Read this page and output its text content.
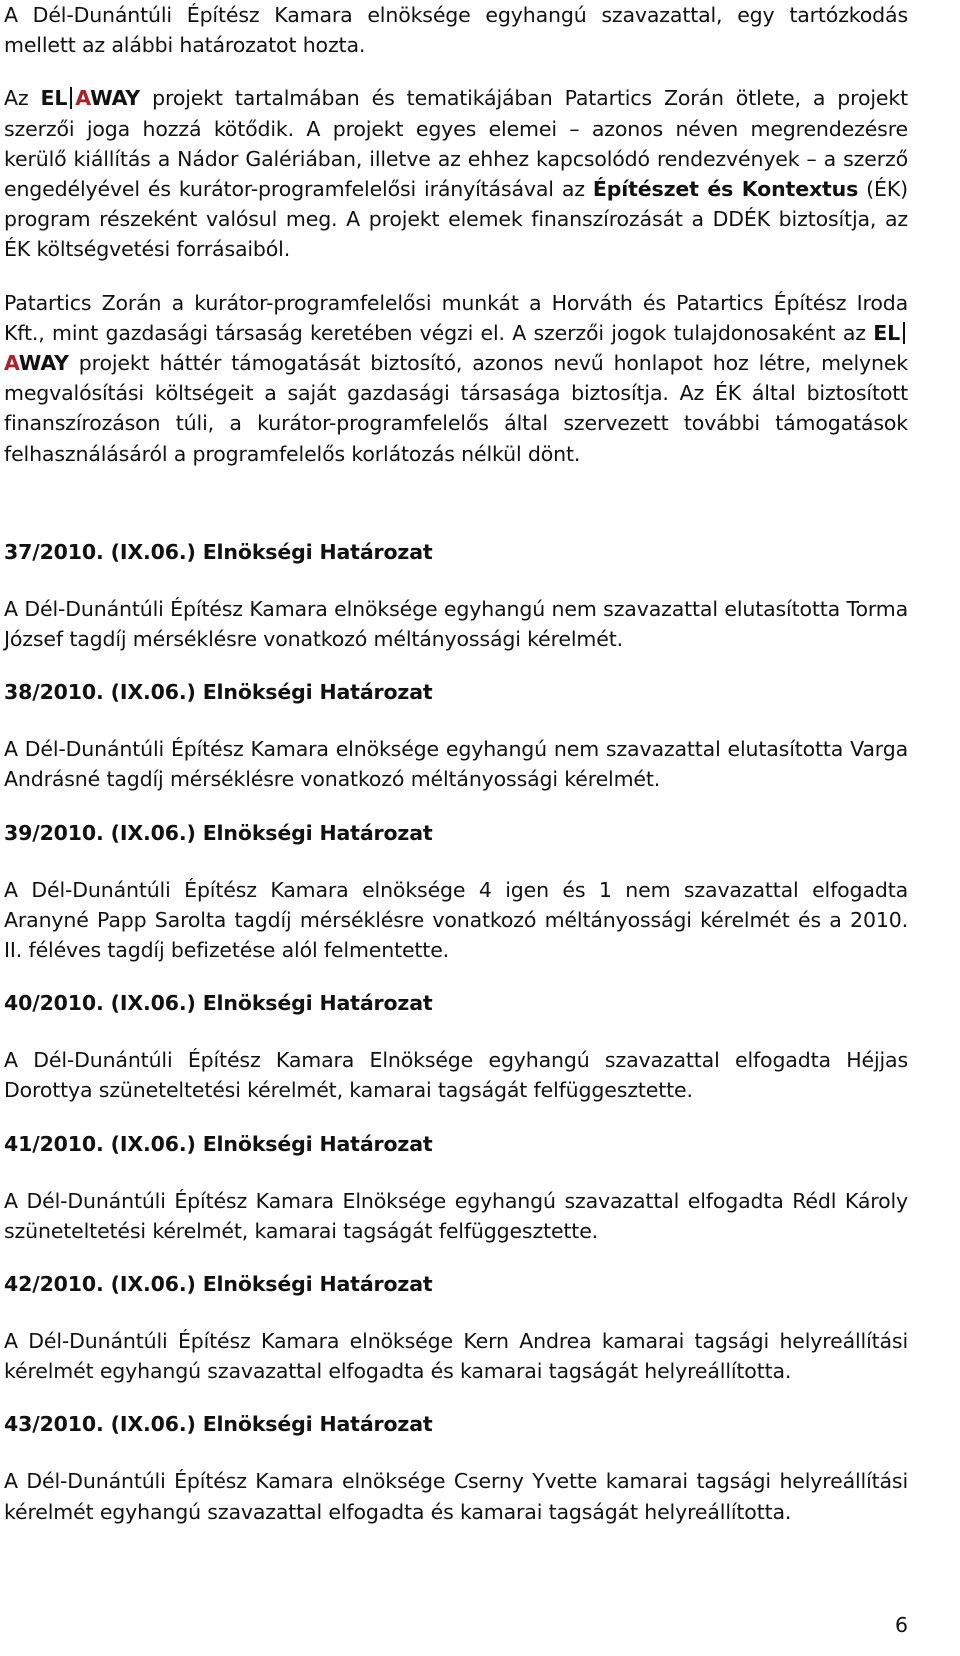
A Dél-Dunántúli Építész Kamara elnöksége egyhangú szavazattal, egy tartózkodás mellett az alábbi határozatot hozta.

Az EL AWAY projekt tartalmában és tematikájában Patartics Zorán ötlete, a projekt szerzői joga hozzá kötődik. A projekt egyes elemei – azonos néven megrendezésre kerülő kiállítás a Nádor Galériában, illetve az ehhez kapcsolódó rendezvények – a szerző engedélyével és kurátor-programfelelősi irányításával az Építészet és Kontextus (ÉK) program részeként valósul meg. A projekt elemek finanszírozását a DDÉK biztosítja, az ÉK költségvetési forrásaiból.

Patartics Zorán a kurátor-programfelelősi munkát a Horváth és Patartics Építész Iroda Kft., mint gazdasági társaság keretében végzi el. A szerzői jogok tulajdonosaként az ELAWAY projekt háttér támogatását biztosító, azonos nevű honlapot hoz létre, melynek megvalósítási költségeit a saját gazdasági társasága biztosítja. Az ÉK által biztosított finanszírozáson túli, a kurátor-programfelelős által szervezett további támogatások felhasználásáról a programfelelős korlátozás nélkül dönt.

37/2010. (IX.06.) Elnökségi Határozat

A Dél-Dunántúli Építész Kamara elnöksége egyhangú nem szavazattal elutasította Torma József tagdíj mérséklésre vonatkozó méltányossági kérelmét.

38/2010. (IX.06.) Elnökségi Határozat

A Dél-Dunántúli Építész Kamara elnöksége egyhangú nem szavazattal elutasította Varga Andrásné tagdíj mérséklésre vonatkozó méltányossági kérelmét.

39/2010. (IX.06.) Elnökségi Határozat

A Dél-Dunántúli Építész Kamara elnöksége 4 igen és 1 nem szavazattal elfogadta Aranyné Papp Sarolta tagdíj mérséklésre vonatkozó méltányossági kérelmét és a 2010. II. féléves tagdíj befizetése alól felmentette.

40/2010. (IX.06.) Elnökségi Határozat

A Dél-Dunántúli Építész Kamara Elnöksége egyhangú szavazattal elfogadta Héjjas Dorottya szüneteltetési kérelmét, kamarai tagságát felfüggesztette.

41/2010. (IX.06.) Elnökségi Határozat

A Dél-Dunántúli Építész Kamara Elnöksége egyhangú szavazattal elfogadta Rédl Károly szüneteltetési kérelmét, kamarai tagságát felfüggesztette.

42/2010. (IX.06.) Elnökségi Határozat

A Dél-Dunántúli Építész Kamara elnöksége Kern Andrea kamarai tagsági helyreállítási kérelmét egyhangú szavazattal elfogadta és kamarai tagságát helyreállította.

43/2010. (IX.06.) Elnökségi Határozat

A Dél-Dunántúli Építész Kamara elnöksége Cserny Yvette kamarai tagsági helyreállítási kérelmét egyhangú szavazattal elfogadta és kamarai tagságát helyreállította.

6
